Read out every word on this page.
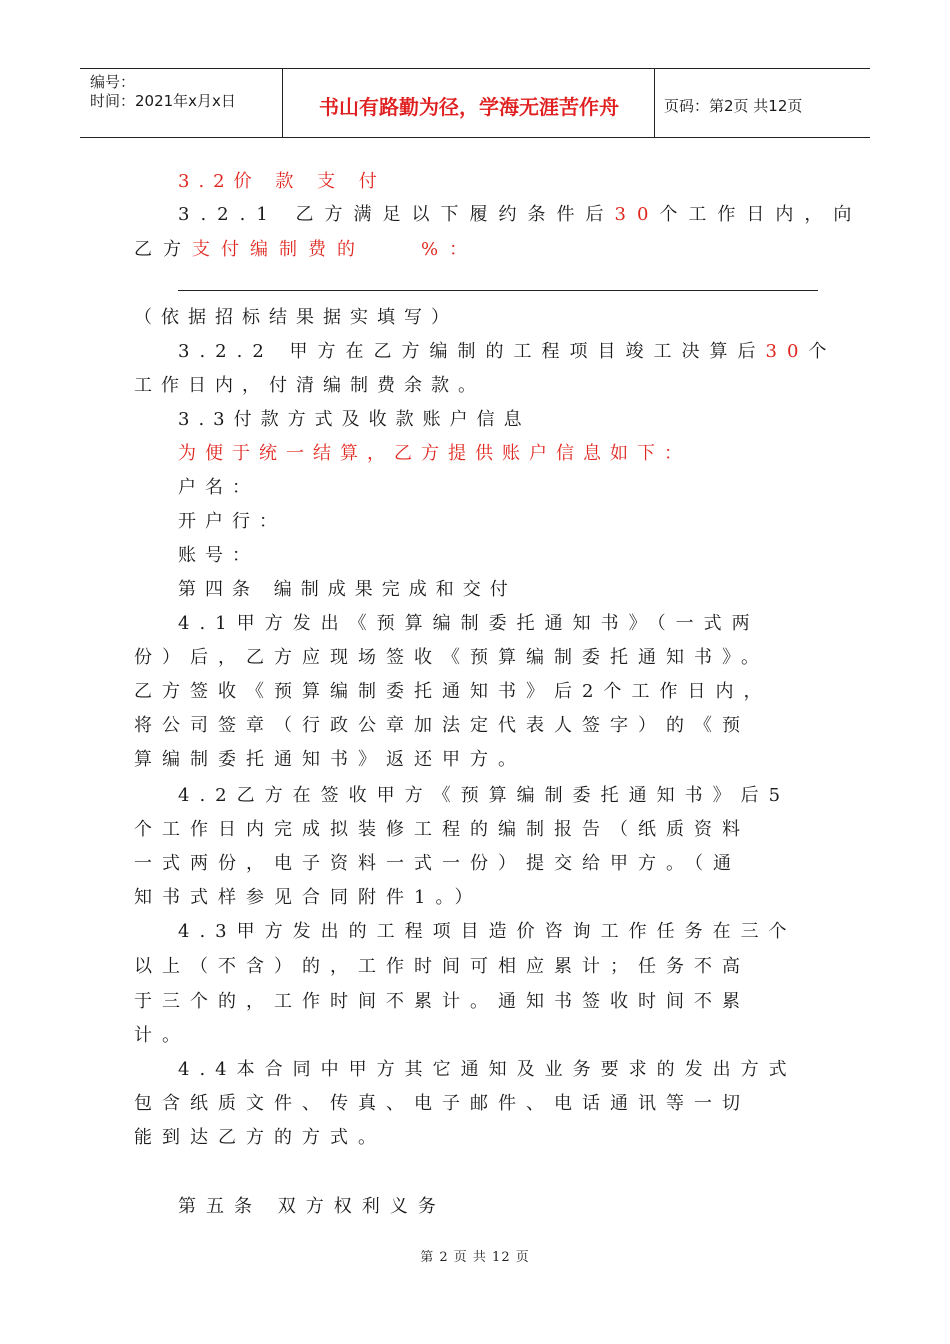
编号：
时间：2021年x月x日	书山有路勤为径，学海无涯苦作舟	页码：第2页 共12页
3.2价 款 支 付
3.2.1 乙方满足以下履约条件后30个工作日内，向
乙方支付编制费的	%：
（依据招标结果据实填写）
3.2.2 甲方在乙方编制的工程项目竣工决算后30个
工作日内，付清编制费余款。
3.3付款方式及收款账户信息
为便于统一结算，乙方提供账户信息如下：
户名：
开户行：
账号：
第四条 编制成果完成和交付
4.1甲方发出《预算编制委托通知书》（一式两
份）后，乙方应现场签收《预算编制委托通知书》。
乙方签收《预算编制委托通知书》后2个工作日内，
将公司签章（行政公章加法定代表人签字）的《预
算编制委托通知书》返还甲方。
4.2乙方在签收甲方《预算编制委托通知书》后5
个工作日内完成拟装修工程的编制报告（纸质资料
一式两份，电子资料一式一份）提交给甲方。（通
知书式样参见合同附件1。）
4.3甲方发出的工程项目造价咨询工作任务在三个
以上（不含）的，工作时间可相应累计；任务不高
于三个的，工作时间不累计。通知书签收时间不累
计。
4.4本合同中甲方其它通知及业务要求的发出方式
包含纸质文件、传真、电子邮件、电话通讯等一切
能到达乙方的方式。
第五条 双方权利义务
第 2 页 共 12 页
